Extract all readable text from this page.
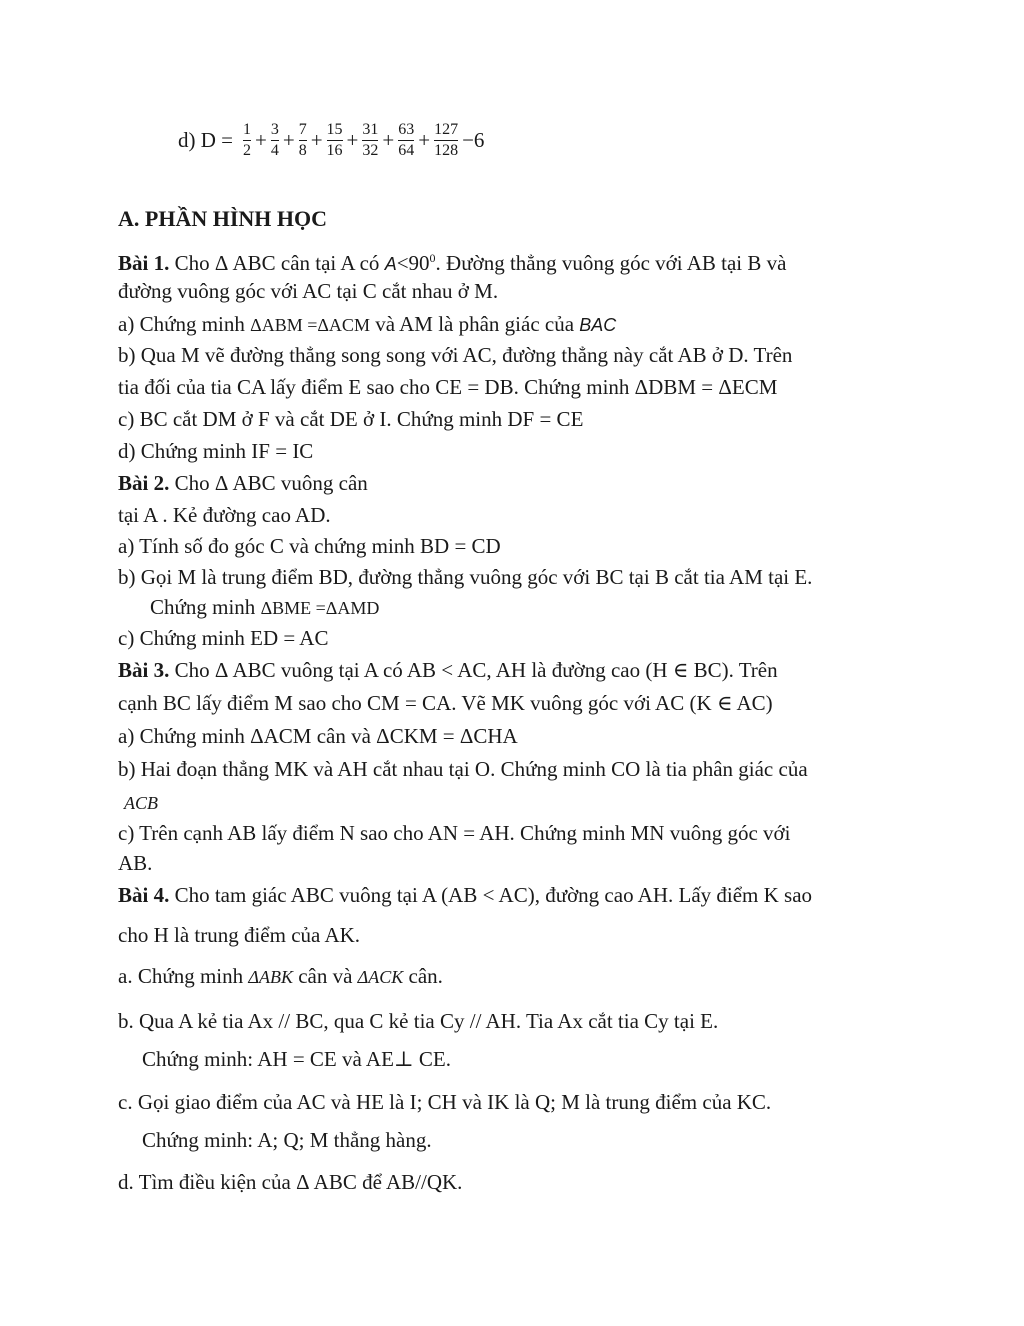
d) $D = \frac{1}{2} + \frac{3}{4} + \frac{7}{8} + \frac{15}{16} + \frac{31}{32} + \frac{63}{64} + \frac{127}{128} -6$
A. PHẦN HÌNH HỌC
Bài 1. Cho Δ ABC cân tại A có $A<90^0$. Đường thẳng vuông góc với AB tại B và
đường vuông góc với AC tại C cắt nhau ở M.
a) Chứng minh ΔABM =ΔACM và AM là phân giác của BAC
b) Qua M vẽ đường thẳng song song với AC, đường thẳng này cắt AB ở D. Trên
tia đối của tia CA lấy điểm E sao cho CE = DB. Chứng minh ΔDBM = ΔECM
c) BC cắt DM ở F và cắt DE ở I. Chứng minh DF = CE
d) Chứng minh IF = IC
Bài 2. Cho Δ ABC vuông cân
tại A . Kẻ đường cao AD.
a) Tính số đo góc C và chứng minh BD = CD
b) Gọi M là trung điểm BD, đường thẳng vuông góc với BC tại B cắt tia AM tại E.
Chứng minh ΔBME =ΔAMD
c) Chứng minh ED = AC
Bài 3. Cho Δ ABC vuông tại A có AB < AC, AH là đường cao (H ∈ BC). Trên
cạnh BC lấy điểm M sao cho CM = CA. Vẽ MK vuông góc với AC (K ∈ AC)
a) Chứng minh ΔACM cân và ΔCKM = ΔCHA
b) Hai đoạn thẳng MK và AH cắt nhau tại O. Chứng minh CO là tia phân giác của
ACB
c) Trên cạnh AB lấy điểm N sao cho AN = AH. Chứng minh MN vuông góc với
AB.
Bài 4. Cho tam giác ABC vuông tại A (AB < AC), đường cao AH. Lấy điểm K sao
cho H là trung điểm của AK.
a. Chứng minh ΔABK cân và ΔACK cân.
b. Qua A kẻ tia Ax // BC, qua C kẻ tia Cy // AH. Tia Ax cắt tia Cy tại E.
Chứng minh: AH = CE và AE⊥ CE.
c. Gọi giao điểm của AC và HE là I; CH và IK là Q; M là trung điểm của KC.
Chứng minh: A; Q; M thẳng hàng.
d. Tìm điều kiện của Δ ABC để AB//QK.
